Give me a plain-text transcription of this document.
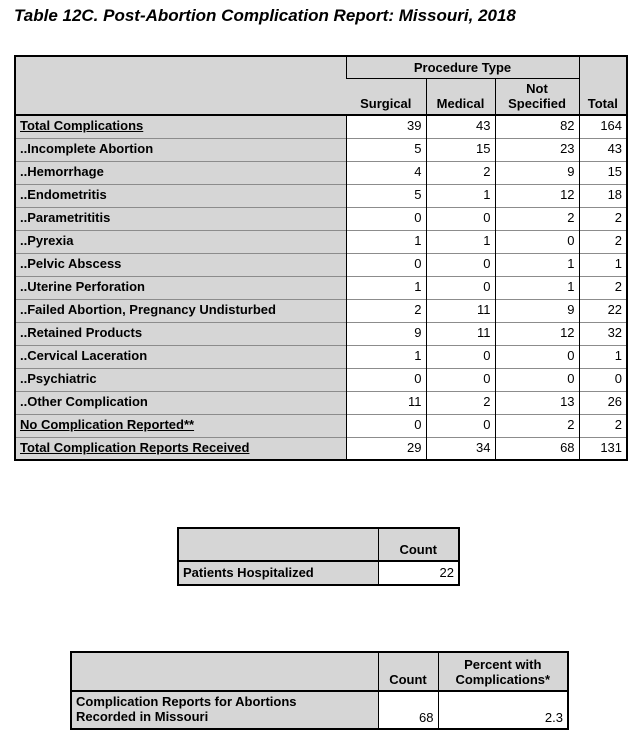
Table 12C. Post-Abortion Complication Report: Missouri, 2018
	Procedure Type			Total
	Surgical	Medical	Not Specified	
Total Complications	39	43	82	164
..Incomplete Abortion	5	15	23	43
..Hemorrhage	4	2	9	15
..Endometritis	5	1	12	18
..Parametrititis	0	0	2	2
..Pyrexia	1	1	0	2
..Pelvic Abscess	0	0	1	1
..Uterine Perforation	1	0	1	2
..Failed Abortion, Pregnancy Undisturbed	2	11	9	22
..Retained Products	9	11	12	32
..Cervical Laceration	1	0	0	1
..Psychiatric	0	0	0	0
..Other Complication	11	2	13	26
No Complication Reported**	0	0	2	2
Total Complication Reports Received	29	34	68	131
	Count
Patients Hospitalized	22
	Count	Percent with Complications*

Complication Reports for Abortions
Recorded in Missouri	68	2.3
